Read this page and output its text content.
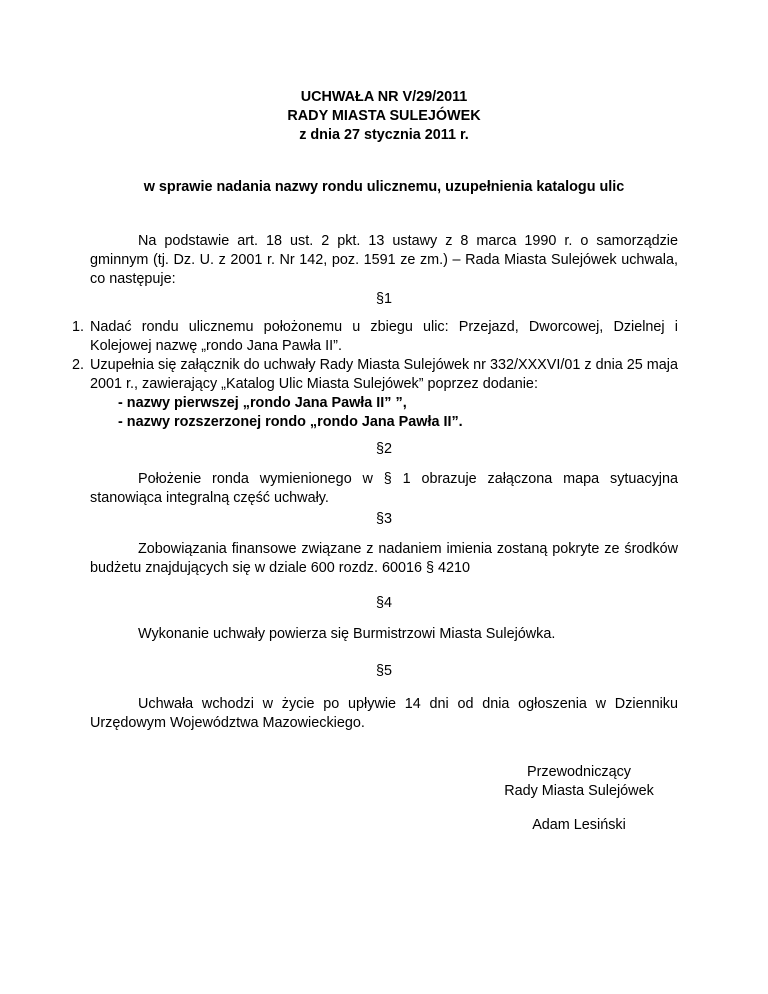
UCHWAŁA NR V/29/2011
RADY MIASTA SULEJÓWEK
z dnia 27 stycznia 2011 r.
w sprawie nadania nazwy rondu ulicznemu, uzupełnienia katalogu ulic

Na podstawie art. 18 ust. 2 pkt. 13 ustawy z 8 marca 1990 r. o samorządzie gminnym (tj. Dz. U. z 2001 r. Nr 142, poz. 1591 ze zm.) – Rada Miasta Sulejówek uchwala, co następuje:

§1
1. Nadać rondu ulicznemu położonemu u zbiegu ulic: Przejazd, Dworcowej, Dzielnej i Kolejowej nazwę „rondo Jana Pawła II”.
2. Uzupełnia się załącznik do uchwały Rady Miasta Sulejówek nr 332/XXXVI/01 z dnia 25 maja 2001 r., zawierający „Katalog Ulic Miasta Sulejówek” poprzez dodanie:
- nazwy pierwszej „rondo Jana Pawła II” ”,
- nazwy rozszerzonej rondo „rondo Jana Pawła II”.
§2

Położenie ronda wymienionego w § 1 obrazuje załączona mapa sytuacyjna stanowiąca integralną część uchwały.

§3

Zobowiązania finansowe związane z nadaniem imienia zostaną pokryte ze środków budżetu znajdujących się w dziale 600 rozdz. 60016 § 4210

§4

Wykonanie uchwały powierza się Burmistrzowi Miasta Sulejówka.

§5

Uchwała wchodzi w życie po upływie 14 dni od dnia ogłoszenia w Dzienniku Urzędowym Województwa Mazowieckiego.

Przewodniczący
Rady Miasta Sulejówek
Adam Lesiński
